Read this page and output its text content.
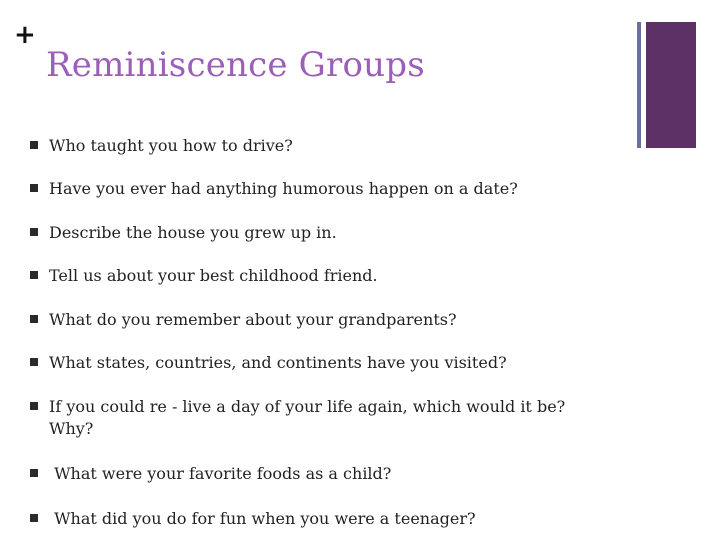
+
Reminiscence Groups
Who taught you how to drive?
Have you ever had anything humorous happen on a date?
Describe the house you grew up in.
Tell us about your best childhood friend.
What do you remember about your grandparents?
What states, countries, and continents have you visited?
If you could re - live a day of your life again, which would it be?
Why?
What were your favorite foods as a child?
What did you do for fun when you were a teenager?
